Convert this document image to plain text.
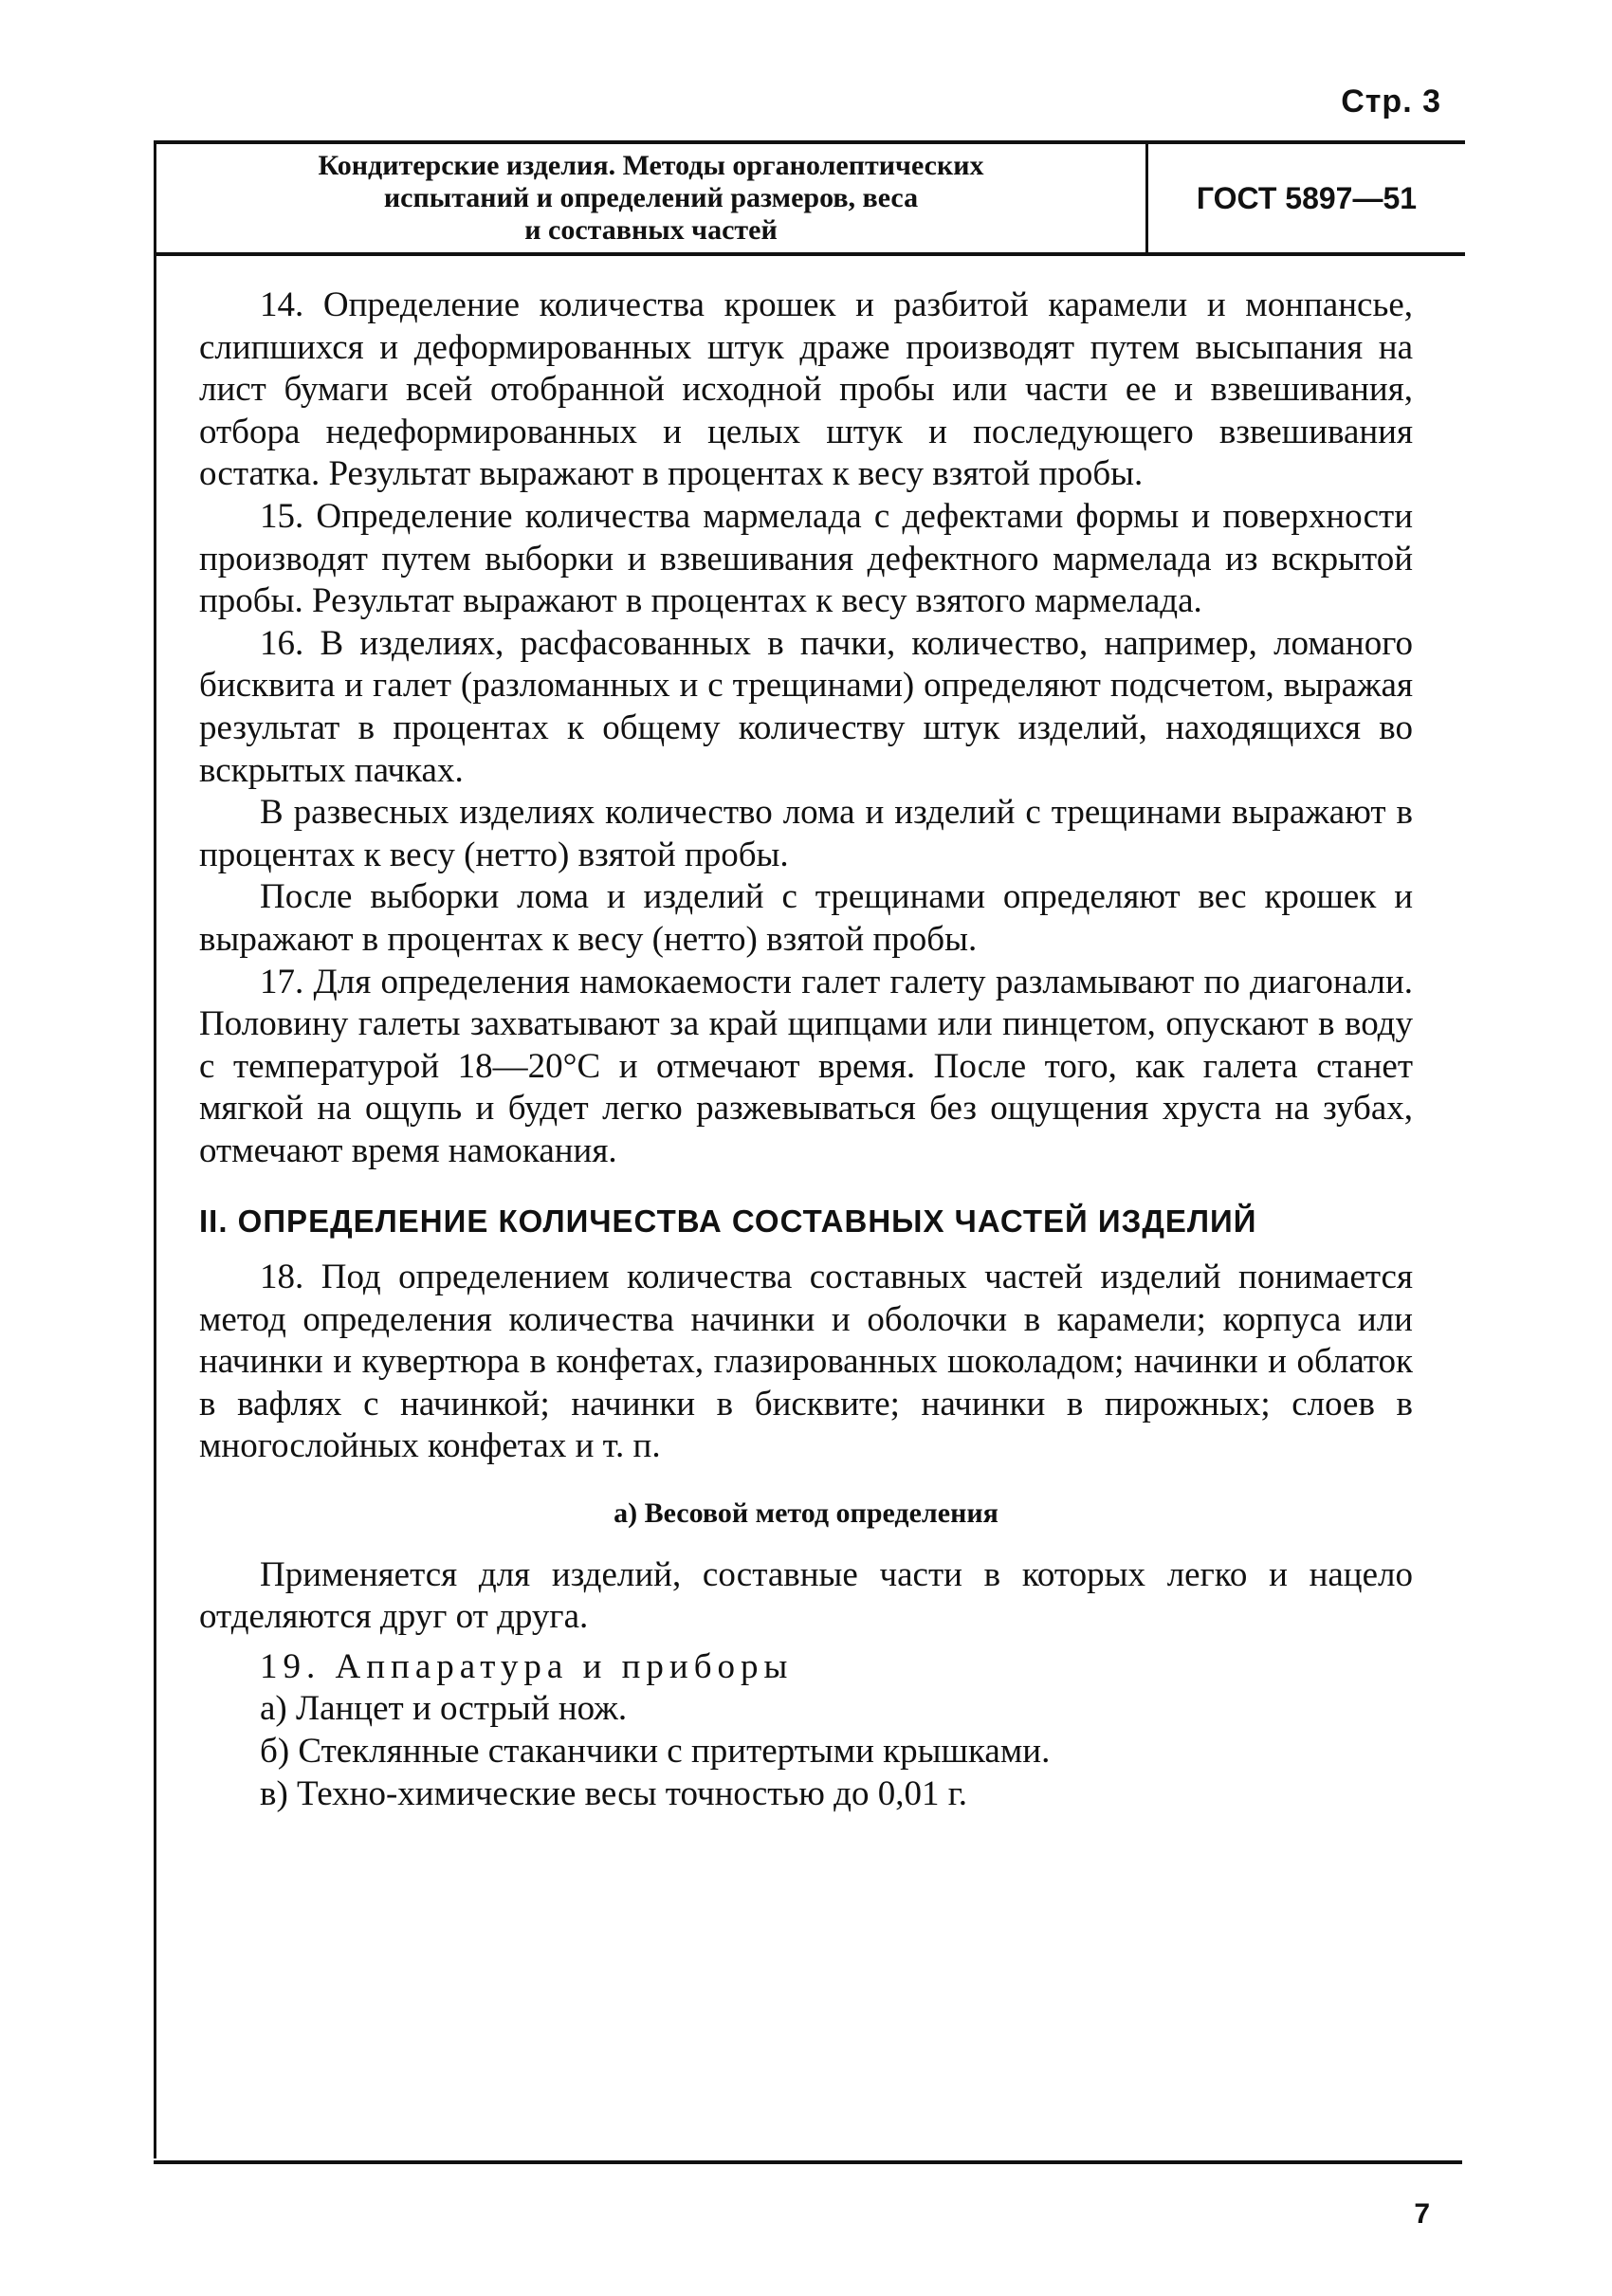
Стр. 3
Кондитерские изделия. Методы органолептических
испытаний и определений размеров, веса
и составных частей
ГОСТ 5897—51

14. Определение количества крошек и разбитой карамели и монпансье, слипшихся и деформированных штук драже производят путем высыпания на лист бумаги всей отобранной исходной пробы или части ее и взвешивания, отбора недеформированных и целых штук и последующего взвешивания остатка. Результат выражают в процентах к весу взятой пробы.

15. Определение количества мармелада с дефектами формы и поверхности производят путем выборки и взвешивания дефектного мармелада из вскрытой пробы. Результат выражают в процентах к весу взятого мармелада.

16. В изделиях, расфасованных в пачки, количество, например, ломаного бисквита и галет (разломанных и с трещинами) определяют подсчетом, выражая результат в процентах к общему количеству штук изделий, находящихся во вскрытых пачках.

В развесных изделиях количество лома и изделий с трещинами выражают в процентах к весу (нетто) взятой пробы.

После выборки лома и изделий с трещинами определяют вес крошек и выражают в процентах к весу (нетто) взятой пробы.

17. Для определения намокаемости галет галету разламывают по диагонали. Половину галеты захватывают за край щипцами или пинцетом, опускают в воду с температурой 18—20°С и отмечают время. После того, как галета станет мягкой на ощупь и будет легко разжевываться без ощущения хруста на зубах, отмечают время намокания.

II. ОПРЕДЕЛЕНИЕ КОЛИЧЕСТВА СОСТАВНЫХ ЧАСТЕЙ ИЗДЕЛИЙ

18. Под определением количества составных частей изделий понимается метод определения количества начинки и оболочки в карамели; корпуса или начинки и кувертюра в конфетах, глазированных шоколадом; начинки и облаток в вафлях с начинкой; начинки в бисквите; начинки в пирожных; слоев в многослойных конфетах и т. п.

а) Весовой метод определения

Применяется для изделий, составные части в которых легко и нацело отделяются друг от друга.

19. Аппаратура и приборы

а) Ланцет и острый нож.

б) Стеклянные стаканчики с притертыми крышками.

в) Техно-химические весы точностью до 0,01 г.

7
